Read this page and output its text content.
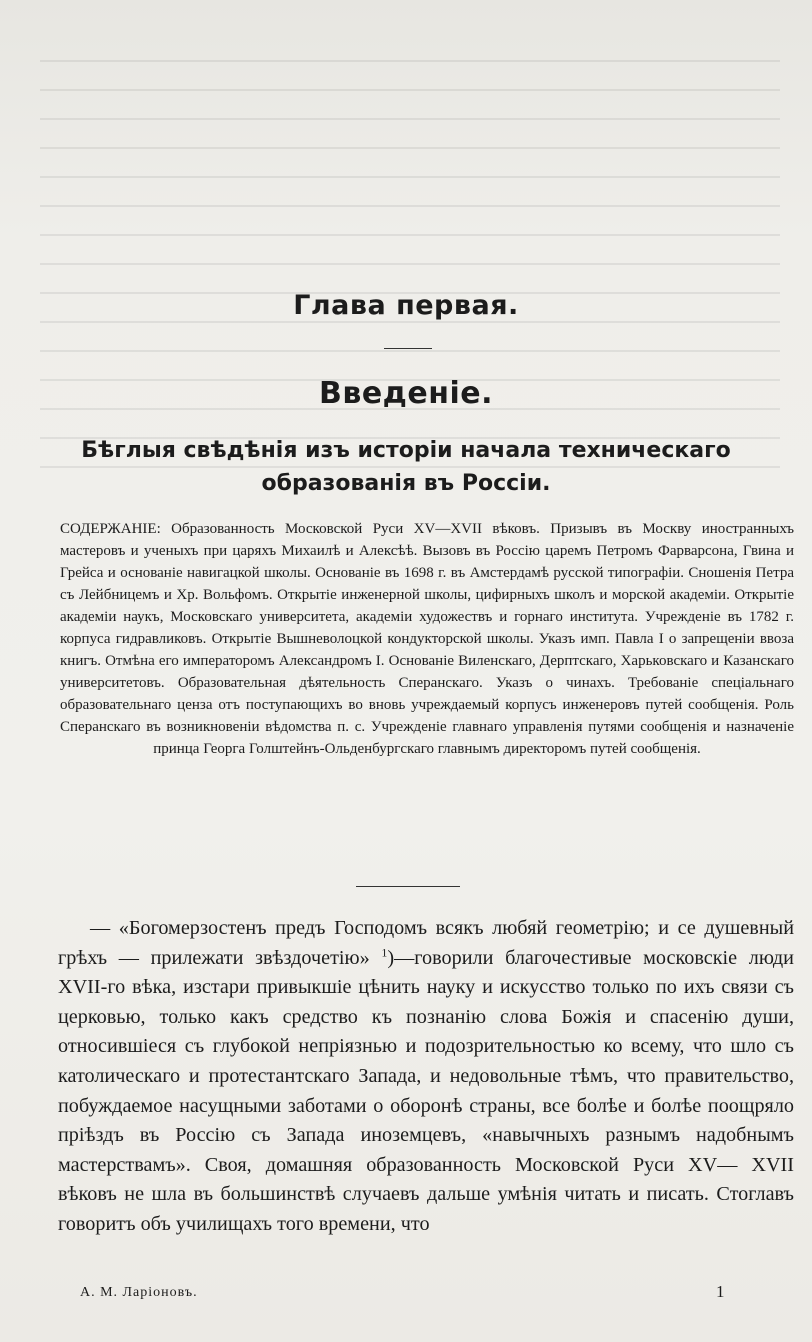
Глава первая.
Введеніе.
Бѣглыя свѣдѣнія изъ исторіи начала техническаго образованія въ Россіи.
СОДЕРЖАНІЕ: Образованность Московской Руси XV—XVII вѣковъ. Призывъ въ Москву иностранныхъ мастеровъ и ученыхъ при царяхъ Михаилѣ и Алексѣѣ. Вызовъ въ Россію царемъ Петромъ Фарварсона, Гвина и Грейса и основаніе навигацкой школы. Основаніе въ 1698 г. въ Амстердамѣ русской типографіи. Сношенія Петра съ Лейбницемъ и Хр. Вольфомъ. Открытіе инженерной школы, цифирныхъ школъ и морской академіи. Открытіе академіи наукъ, Московскаго университета, академіи художествъ и горнаго института. Учрежденіе въ 1782 г. корпуса гидравликовъ. Открытіе Вышневолоцкой кондукторской школы. Указъ имп. Павла I о запрещеніи ввоза книгъ. Отмѣна его императоромъ Александромъ I. Основаніе Виленскаго, Дерптскаго, Харьковскаго и Казанскаго университетовъ. Образовательная дѣятельность Сперанскаго. Указъ о чинахъ. Требованіе спеціальнаго образовательнаго ценза отъ поступающихъ во вновь учреждаемый корпусъ инженеровъ путей сообщенія. Роль Сперанскаго въ возникновеніи вѣдомства п. с. Учрежденіе главнаго управленія путями сообщенія и назначеніе принца Георга Голштейнъ-Ольденбургскаго главнымъ директоромъ путей сообщенія.
— «Богомерзостенъ предъ Господомъ всякъ любяй геометрію; и се душевный грѣхъ — прилежати звѣздочетію» $^1$)—говорили благочестивые московскіе люди XVII-го вѣка, изстари привыкшіе цѣнить науку и искусство только по ихъ связи съ церковью, только какъ средство къ познанію слова Божія и спасенію души, относившіеся съ глубокой непріязнью и подозрительностью ко всему, что шло съ католическаго и протестантскаго Запада, и недовольные тѣмъ, что правительство, побуждаемое насущными заботами о оборонѣ страны, все болѣе и болѣе поощряло пріѣздъ въ Россію съ Запада иноземцевъ, «навычныхъ разнымъ надобнымъ мастерствамъ». Своя, домашняя образованность Московской Руси XV— XVII вѣковъ не шла въ большинствѣ случаевъ дальше умѣнія читать и писать. Стоглавъ говоритъ объ училищахъ того времени, что
А. М. Ларіоновъ.	1
